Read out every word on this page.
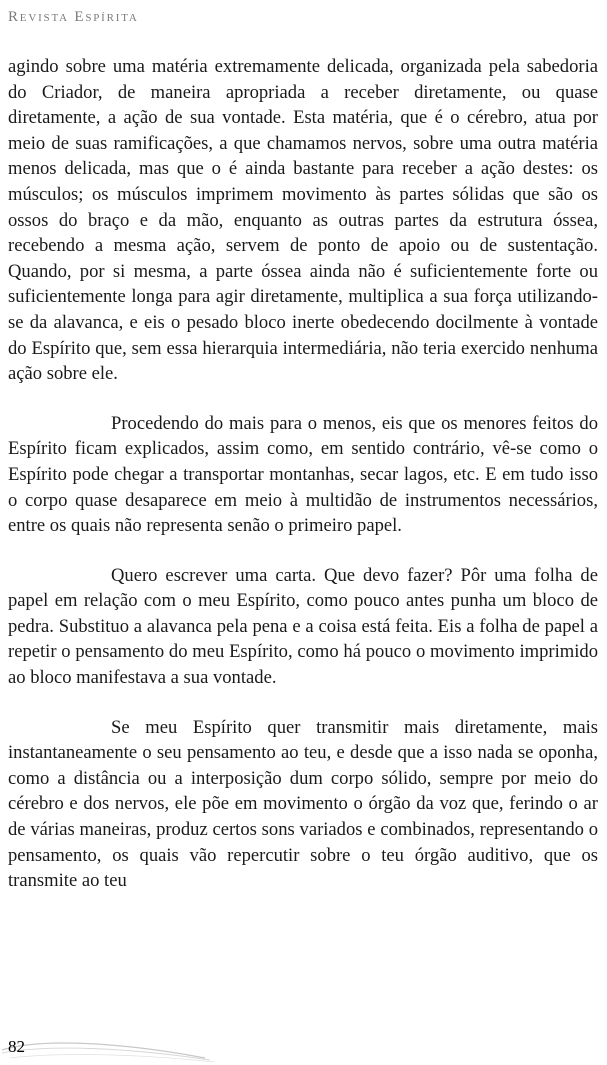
Revista Espírita

agindo sobre uma matéria extremamente delicada, organizada pela sabedoria do Criador, de maneira apropriada a receber diretamente, ou quase diretamente, a ação de sua vontade. Esta matéria, que é o cérebro, atua por meio de suas ramificações, a que chamamos nervos, sobre uma outra matéria menos delicada, mas que o é ainda bastante para receber a ação destes: os músculos; os músculos imprimem movimento às partes sólidas que são os ossos do braço e da mão, enquanto as outras partes da estrutura óssea, recebendo a mesma ação, servem de ponto de apoio ou de sustentação. Quando, por si mesma, a parte óssea ainda não é suficientemente forte ou suficientemente longa para agir diretamente, multiplica a sua força utilizando-se da alavanca, e eis o pesado bloco inerte obedecendo docilmente à vontade do Espírito que, sem essa hierarquia intermediária, não teria exercido nenhuma ação sobre ele.

Procedendo do mais para o menos, eis que os menores feitos do Espírito ficam explicados, assim como, em sentido contrário, vê-se como o Espírito pode chegar a transportar montanhas, secar lagos, etc. E em tudo isso o corpo quase desaparece em meio à multidão de instrumentos necessários, entre os quais não representa senão o primeiro papel.

Quero escrever uma carta. Que devo fazer? Pôr uma folha de papel em relação com o meu Espírito, como pouco antes punha um bloco de pedra. Substituo a alavanca pela pena e a coisa está feita. Eis a folha de papel a repetir o pensamento do meu Espírito, como há pouco o movimento imprimido ao bloco manifestava a sua vontade.

Se meu Espírito quer transmitir mais diretamente, mais instantaneamente o seu pensamento ao teu, e desde que a isso nada se oponha, como a distância ou a interposição dum corpo sólido, sempre por meio do cérebro e dos nervos, ele põe em movimento o órgão da voz que, ferindo o ar de várias maneiras, produz certos sons variados e combinados, representando o pensamento, os quais vão repercutir sobre o teu órgão auditivo, que os transmite ao teu

82
